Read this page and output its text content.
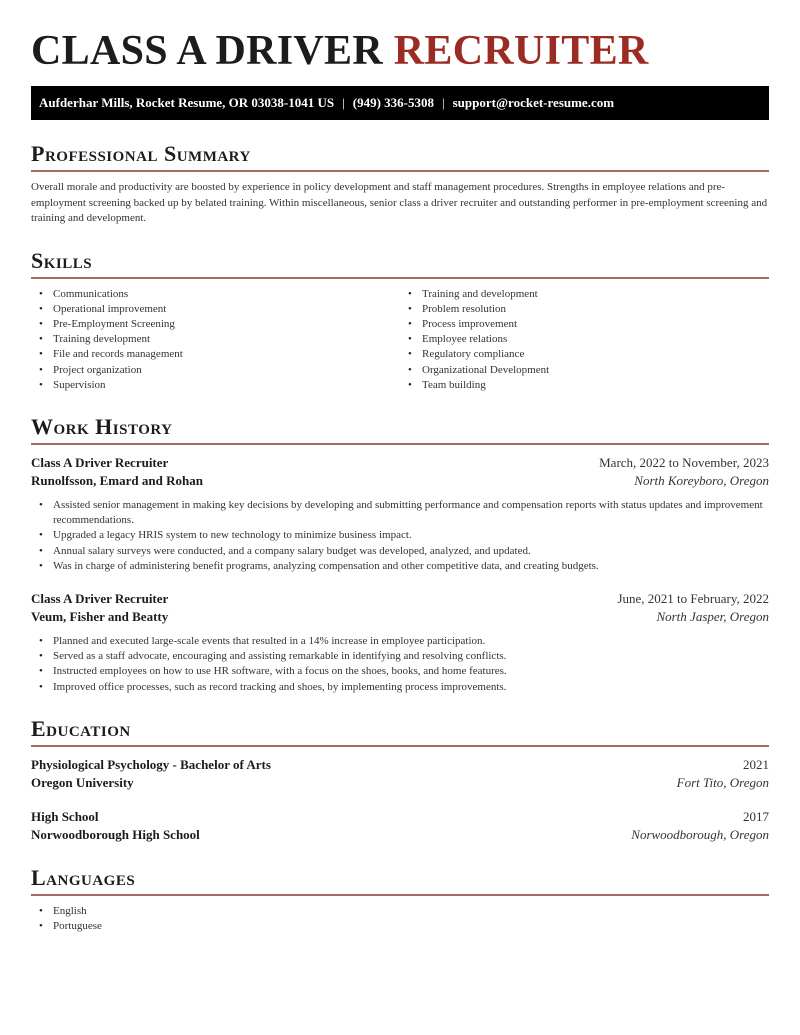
CLASS A DRIVER RECRUITER
Aufderhar Mills, Rocket Resume, OR 03038-1041 US | (949) 336-5308 | support@rocket-resume.com
Professional Summary

Overall morale and productivity are boosted by experience in policy development and staff management procedures. Strengths in employee relations and pre-employment screening backed up by belated training. Within miscellaneous, senior class a driver recruiter and outstanding performer in pre-employment screening and training and development.

Skills
• Communications
• Operational improvement
• Pre-Employment Screening
• Training development
• File and records management
• Project organization
• Supervision
• Training and development
• Problem resolution
• Process improvement
• Employee relations
• Regulatory compliance
• Organizational Development
• Team building
Work History
Class A Driver Recruiter	March, 2022 to November, 2023
Runolfsson, Emard and Rohan	North Koreyboro, Oregon
• Assisted senior management in making key decisions by developing and submitting performance and compensation reports with status updates and improvement recommendations.
• Upgraded a legacy HRIS system to new technology to minimize business impact.
• Annual salary surveys were conducted, and a company salary budget was developed, analyzed, and updated.
• Was in charge of administering benefit programs, analyzing compensation and other competitive data, and creating budgets.
Class A Driver Recruiter	June, 2021 to February, 2022
Veum, Fisher and Beatty	North Jasper, Oregon
• Planned and executed large-scale events that resulted in a 14% increase in employee participation.
• Served as a staff advocate, encouraging and assisting remarkable in identifying and resolving conflicts.
• Instructed employees on how to use HR software, with a focus on the shoes, books, and home features.
• Improved office processes, such as record tracking and shoes, by implementing process improvements.
Education
Physiological Psychology - Bachelor of Arts	2021
Oregon University	Fort Tito, Oregon
High School	2017
Norwoodborough High School	Norwoodborough, Oregon
Languages
• English
• Portuguese
